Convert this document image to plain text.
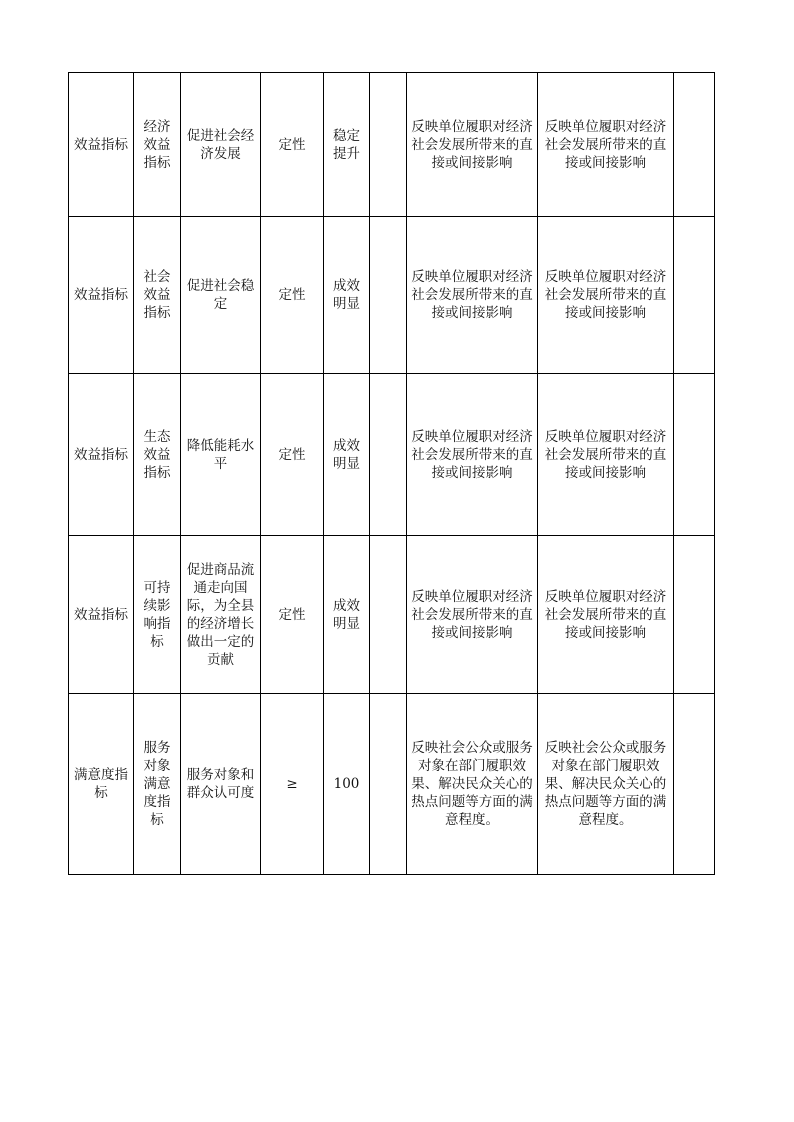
效益指标	经济效益指标	促进社会经济发展	定性	稳定提升		反映单位履职对经济社会发展所带来的直接或间接影响	反映单位履职对经济社会发展所带来的直接或间接影响	
效益指标	社会效益指标	促进社会稳定	定性	成效明显		反映单位履职对经济社会发展所带来的直接或间接影响	反映单位履职对经济社会发展所带来的直接或间接影响	
效益指标	生态效益指标	降低能耗水平	定性	成效明显		反映单位履职对经济社会发展所带来的直接或间接影响	反映单位履职对经济社会发展所带来的直接或间接影响	
效益指标	可持续影响指标	促进商品流通走向国际，为全县的经济增长做出一定的贡献	定性	成效明显		反映单位履职对经济社会发展所带来的直接或间接影响	反映单位履职对经济社会发展所带来的直接或间接影响	
满意度指标	服务对象满意度指标	服务对象和群众认可度	≥	100		反映社会公众或服务对象在部门履职效果、解决民众关心的热点问题等方面的满意程度。	反映社会公众或服务对象在部门履职效果、解决民众关心的热点问题等方面的满意程度。	
